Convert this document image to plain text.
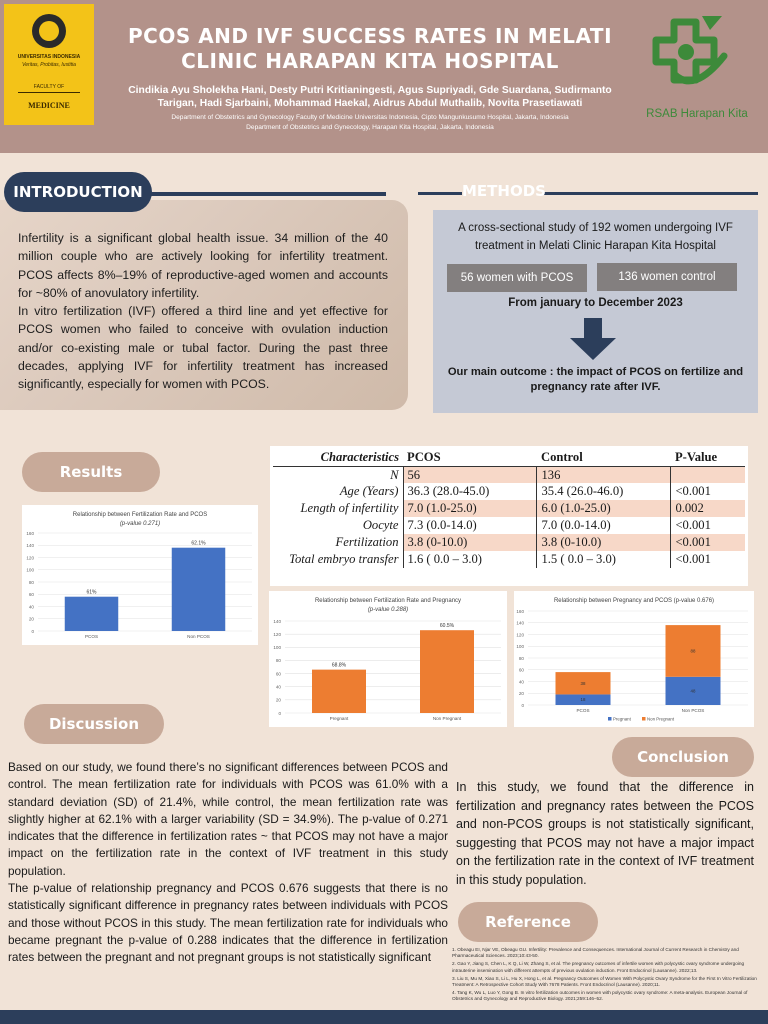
UNIVERSITAS INDONESIA
Veritas, Probitas, Iustitia
FACULTY OF
MEDICINE
PCOS AND IVF SUCCESS RATES IN MELATI
CLINIC HARAPAN KITA HOSPITAL
Cindikia Ayu Sholekha Hani, Desty Putri Kritianingesti, Agus Supriyadi, Gde Suardana, Sudirmanto Tarigan, Hadi Sjarbaini, Mohammad Haekal, Aidrus Abdul Muthalib, Novita Prasetiawati
Department of Obstetrics and Gynecology Faculty of Medicine Universitas Indonesia, Cipto Mangunkusumo Hospital, Jakarta, Indonesia
Department of Obstetrics and Gynecology, Harapan Kita Hospital, Jakarta, Indonesia
RSAB Harapan Kita
INTRODUCTION

Infertility is a significant global health issue. 34 million of the 40 million couple who are actively looking for infertility treatment. PCOS affects 8%–19% of reproductive-aged women and accounts for ~80% of anovulatory infertility.

In vitro fertilization (IVF) offered a third line and yet effective for PCOS women who failed to conceive with ovulation induction and/or co-existing male or tubal factor. During the past three decades, applying IVF for infertility treatment has increased significantly, especially for women with PCOS.

METHODS
A cross-sectional study of 192 women undergoing IVF treatment in Melati Clinic Harapan Kita Hospital
56 women with PCOS	136 women control
From january to December 2023
Our main outcome : the impact of PCOS on fertilize and pregnancy rate after IVF.
Results
Characteristics	PCOS	Control	P-Value
N	56	136	
Age (Years)	36.3 (28.0-45.0)	35.4 (26.0-46.0)	<0.001
Length of infertility	7.0 (1.0-25.0)	6.0 (1.0-25.0)	0.002
Oocyte	7.3 (0.0-14.0)	7.0 (0.0-14.0)	<0.001
Fertilization	3.8 (0-10.0)	3.8 (0-10.0)	<0.001
Total embryo transfer	1.6 ( 0.0 – 3.0)	1.5 ( 0.0 – 3.0)	<0.001
Relationship between Fertilization Rate and PCOS
(p-value 0.271)
0
20
40
60
80
100
120
140
160
PCOS
61%
Non PCOS
62.1%
Relationship between Fertilization Rate and Pregnancy
(p-value 0.288)
0
20
40
60
80
100
120
140
Pregnant
68.8%
Non Pregnant
60.5%
Relationship between Pregnancy and PCOS (p-value 0.676)
0
20
40
60
80
100
120
140
160
PCOS
18
38
Non PCOS
48
88
Pregnant	Non Pregnant
Discussion

Based on our study, we found there’s no significant differences between PCOS and control. The mean fertilization rate for individuals with PCOS was 61.0% with a standard deviation (SD) of 21.4%, while control, the mean fertilization rate was slightly higher at 62.1% with a larger variability (SD = 34.9%). The p-value of 0.271 indicates that the difference in fertilization rates ~ that PCOS may not have a major impact on the fertilization rate in the context of IVF treatment in this study population.

The p-value of relationship pregnancy and PCOS 0.676 suggests that there is no statistically significant difference in pregnancy rates between individuals with PCOS and those without PCOS in this study. The mean fertilization rate for individuals who became pregnant the p-value of 0.288 indicates that the difference in fertilization rates between the pregnant and not pregnant groups is not statistically significant

Conclusion
In this study, we found that the difference in fertilization and pregnancy rates between the PCOS and non-PCOS groups is not statistically significant, suggesting that PCOS may not have a major impact on the fertilization rate in the context of IVF treatment in this study population.
Reference
1. Obeagu EI, Njar VE, Obeagu GU. Infertility: Prevalence and Consequences. International Journal of Current Research in Chemistry and Pharmaceutical Sciences. 2023;10:43-50.
2. Gao Y, Jiang S, Chen L, K Q, Li W, Zhang S, et al. The pregnancy outcomes of infertile women with polycystic ovary syndrome undergoing intrauterine insemination with different attempts of previous ovulation induction. Front Endocrinol (Lausanne). 2022;13.
3. Liu S, Mu M, Xiao S, Li L, Hu X, Hong L, et al. Pregnancy Outcomes of Women With Polycystic Ovary Syndrome for the First In Vitro Fertilization Treatment: A Retrospective Cohort Study With 7678 Patients. Front Endocrinol (Lausanne). 2020;11.
4. Tang K, Wu L, Luo Y, Gong B. In vitro fertilization outcomes in women with polycystic ovary syndrome: A meta-analysis. European Journal of Obstetrics and Gynecology and Reproductive Biology. 2021;259:146–52.
